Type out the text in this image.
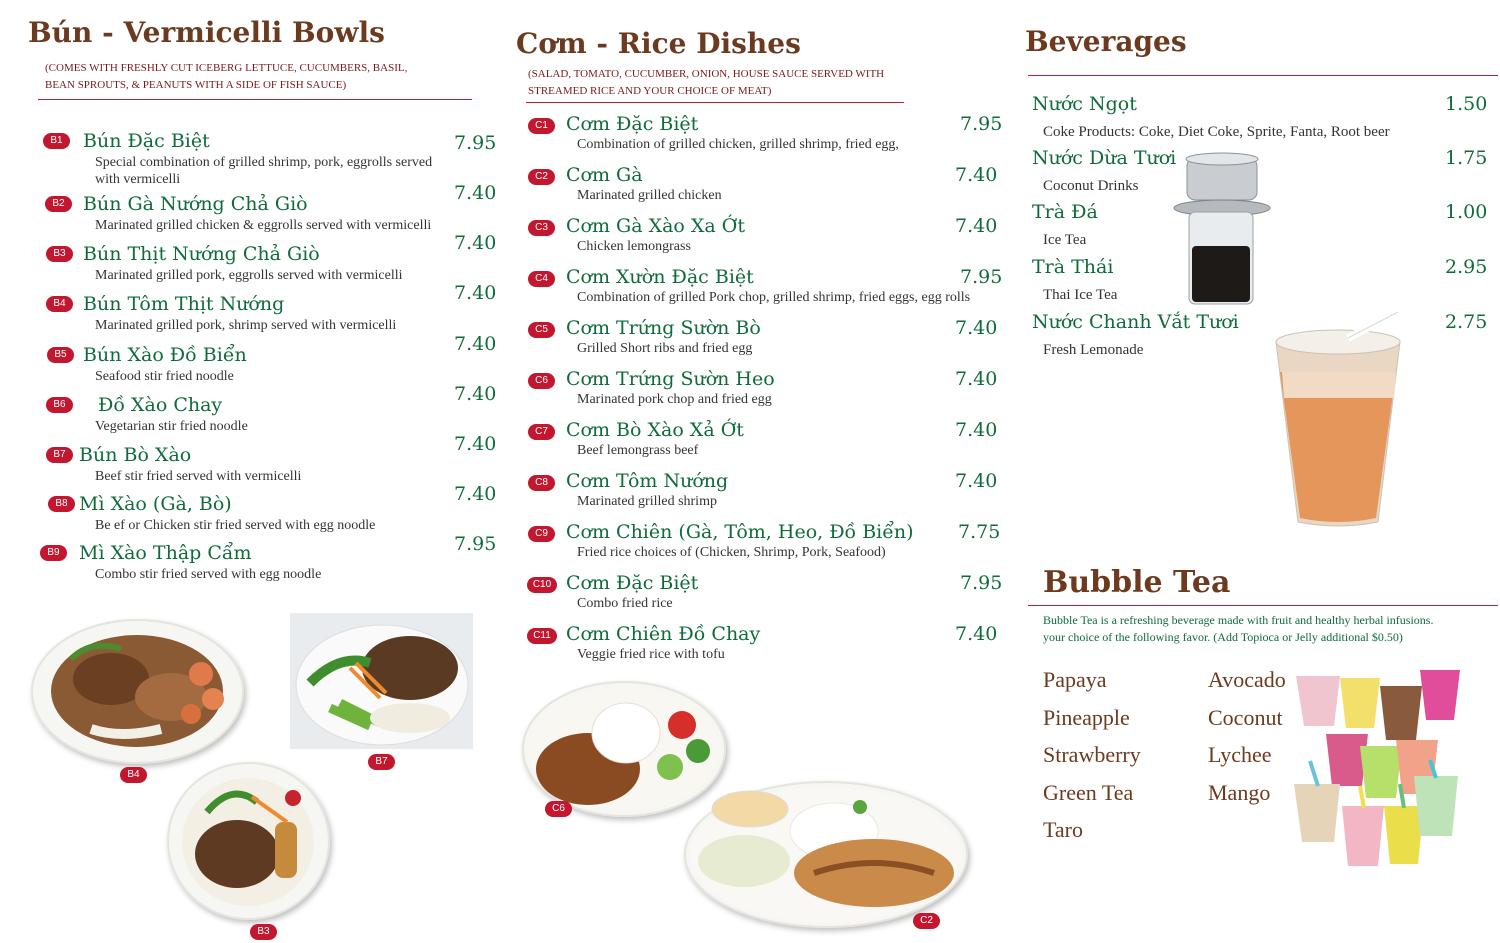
Bún - Vermicelli Bowls
(COMES WITH FRESHLY CUT ICEBERG LETTUCE, CUCUMBERS, BASIL,
BEAN SPROUTS, & PEANUTS WITH A SIDE OF FISH SAUCE)
B1	Bún Đặc Biệt
Special combination of grilled shrimp, pork, eggrolls served
with vermicelli
7.95
B2 Bún Gà Nướng Chả Giò
Marinated grilled chicken & eggrolls served with vermicelli
7.40
B3 Bún Thịt Nướng Chả Giò
Marinated grilled pork, eggrolls served with vermicelli
7.40
B4 Bún Tôm Thịt Nướng
Marinated grilled pork, shrimp served with vermicelli
7.40
B5 Bún Xào Đồ Biển
Seafood stir fried noodle
7.40
B6	Đồ Xào Chay
Vegetarian stir fried noodle
7.40
B7 Bún Bò Xào
Beef stir fried served with vermicelli
7.40
B8 Mì Xào (Gà, Bò)
Be ef or Chicken stir fried served with egg noodle
7.40
B9	Mì Xào Thập Cẩm
Combo stir fried served with egg noodle
7.95
B4
B7
B3
Cơm - Rice Dishes
(SALAD, TOMATO, CUCUMBER, ONION, HOUSE SAUCE SERVED WITH
STREAMED RICE AND YOUR CHOICE OF MEAT)
C1 Cơm Đặc Biệt
Combination of grilled chicken, grilled shrimp, fried egg,
7.95
C2 Cơm Gà
Marinated grilled chicken
7.40
C3 Cơm Gà Xào Xa Ớt
Chicken lemongrass
7.40
C4 Cơm Xườn Đặc Biệt
Combination of grilled Pork chop, grilled shrimp, fried eggs, egg rolls
7.95
C5 Cơm Trứng Sườn Bò
Grilled Short ribs and fried egg
7.40
C6 Cơm Trứng Sườn Heo
Marinated pork chop and fried egg
7.40
C7 Cơm Bò Xào Xả Ớt
Beef lemongrass beef
7.40
C8 Cơm Tôm Nướng
Marinated grilled shrimp
7.40
C9 Cơm Chiên (Gà, Tôm, Heo, Đồ Biển)
Fried rice choices of (Chicken, Shrimp, Pork, Seafood)
7.75
C10 Cơm Đặc Biệt
Combo fried rice
7.95
C11 Cơm Chiên Đồ Chay
Veggie fried rice with tofu
7.40
C6
C2
Beverages
Nước Ngọt
Coke Products: Coke, Diet Coke, Sprite, Fanta, Root beer
1.50
Nước Dừa Tươi
Coconut Drinks
1.75
Trà Đá
Ice Tea
1.00
Trà Thái
Thai Ice Tea
2.95
Nước Chanh Vắt Tươi
Fresh Lemonade
2.75
Bubble Tea
Bubble Tea is a refreshing beverage made with fruit and healthy herbal infusions.
your choice of the following favor. (Add Topioca or Jelly additional $0.50)
Papaya
Pineapple
Strawberry
Green Tea
Taro
Avocado
Coconut
Lychee
Mango
